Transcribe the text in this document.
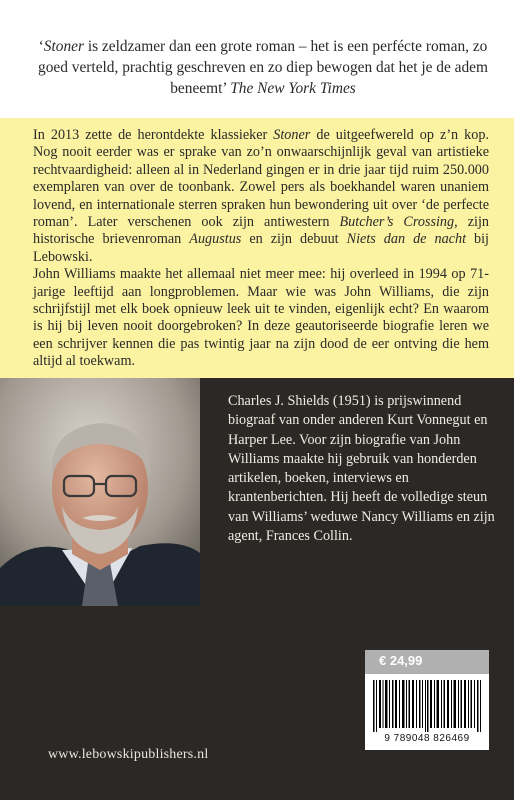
‘Stoner is zeldzamer dan een grote roman – het is een perfécte roman, zo goed verteld, prachtig geschreven en zo diep bewogen dat het je de adem beneemt’ The New York Times

In 2013 zette de herontdekte klassieker Stoner de uitgeefwereld op z’n kop. Nog nooit eerder was er sprake van zo’n onwaarschijnlijk geval van artistieke rechtvaardigheid: alleen al in Nederland gingen er in drie jaar tijd ruim 250.000 exemplaren van over de toonbank. Zowel pers als boekhandel waren unaniem lovend, en internationale sterren spraken hun bewondering uit over ‘de perfecte roman’. Later verschenen ook zijn antiwestern Butcher’s Crossing, zijn historische brievenroman Augustus en zijn debuut Niets dan de nacht bij Lebowski.

John Williams maakte het allemaal niet meer mee: hij overleed in 1994 op 71-jarige leeftijd aan longproblemen. Maar wie was John Williams, die zijn schrijfstijl met elk boek opnieuw leek uit te vinden, eigenlijk echt? En waarom is hij bij leven nooit doorgebroken? In deze geautoriseerde biografie leren we een schrijver kennen die pas twintig jaar na zijn dood de eer ontving die hem altijd al toekwam.

Charles J. Shields (1951) is prijswinnend biograaf van onder anderen Kurt Vonnegut en Harper Lee. Voor zijn biografie van John Williams maakte hij gebruik van honderden artikelen, boeken, interviews en krantenberichten. Hij heeft de volledige steun van Williams’ weduwe Nancy Williams en zijn agent, Frances Collin.
€ 24,99
9 789048 826469
www.lebowskipublishers.nl
